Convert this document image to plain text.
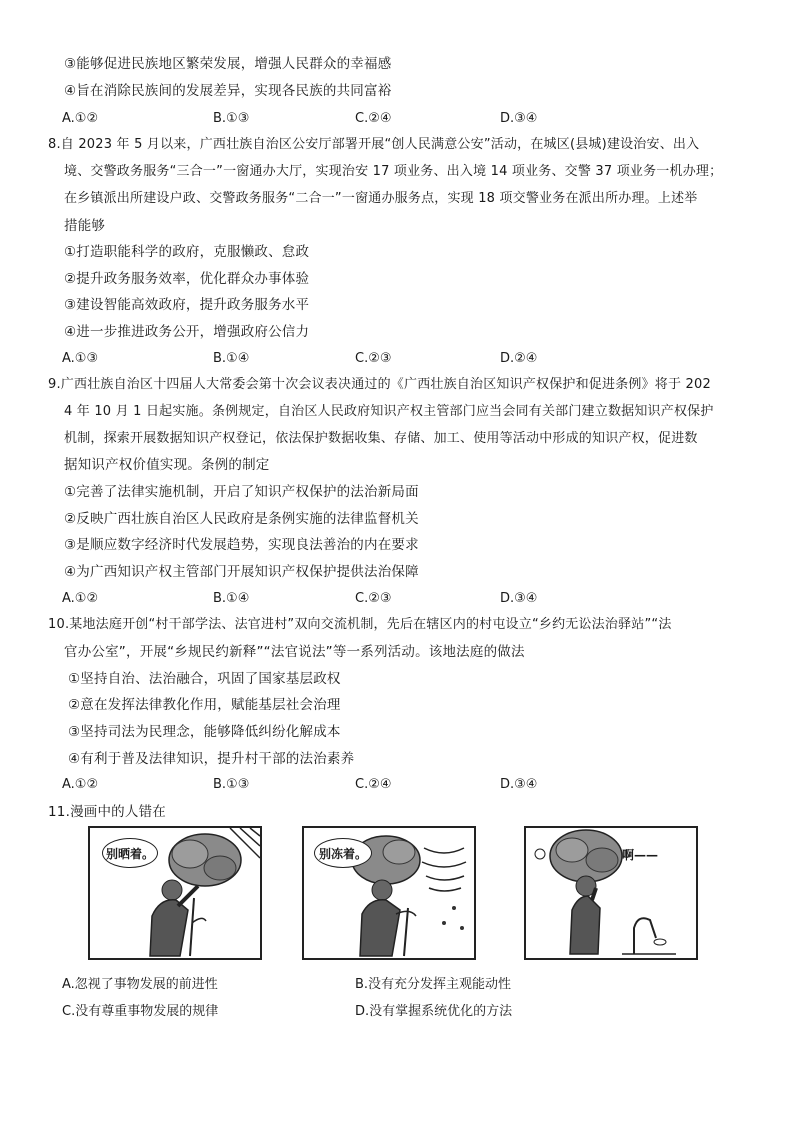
③能够促进民族地区繁荣发展，增强人民群众的幸福感
④旨在消除民族间的发展差异，实现各民族的共同富裕
A.①②	B.①③	C.②④	D.③④
8.自 2023 年 5 月以来，广西壮族自治区公安厅部署开展“创人民满意公安”活动，在城区(县城)建设治安、出入
境、交警政务服务“三合一”一窗通办大厅，实现治安 17 项业务、出入境 14 项业务、交警 37 项业务一机办理；
在乡镇派出所建设户政、交警政务服务“二合一”一窗通办服务点，实现 18 项交警业务在派出所办理。上述举
措能够
①打造职能科学的政府，克服懒政、怠政
②提升政务服务效率，优化群众办事体验
③建设智能高效政府，提升政务服务水平
④进一步推进政务公开，增强政府公信力
A.①③	B.①④	C.②③	D.②④
9.广西壮族自治区十四届人大常委会第十次会议表决通过的《广西壮族自治区知识产权保护和促进条例》将于 202
4 年 10 月 1 日起实施。条例规定，自治区人民政府知识产权主管部门应当会同有关部门建立数据知识产权保护
机制，探索开展数据知识产权登记，依法保护数据收集、存储、加工、使用等活动中形成的知识产权，促进数
据知识产权价值实现。条例的制定
①完善了法律实施机制，开启了知识产权保护的法治新局面
②反映广西壮族自治区人民政府是条例实施的法律监督机关
③是顺应数字经济时代发展趋势，实现良法善治的内在要求
④为广西知识产权主管部门开展知识产权保护提供法治保障
A.①②	B.①④	C.②③	D.③④
10.某地法庭开创“村干部学法、法官进村”双向交流机制，先后在辖区内的村屯设立“乡约无讼法治驿站”“法
官办公室”，开展“乡规民约新释”“法官说法”等一系列活动。该地法庭的做法
①坚持自治、法治融合，巩固了国家基层政权
②意在发挥法律教化作用，赋能基层社会治理
③坚持司法为民理念，能够降低纠纷化解成本
④有利于普及法律知识，提升村干部的法治素养
A.①②	B.①③	C.②④	D.③④
11.漫画中的人错在
别晒着。	别冻着。	啊——
A.忽视了事物发展的前进性	B.没有充分发挥主观能动性
C.没有尊重事物发展的规律	D.没有掌握系统优化的方法
